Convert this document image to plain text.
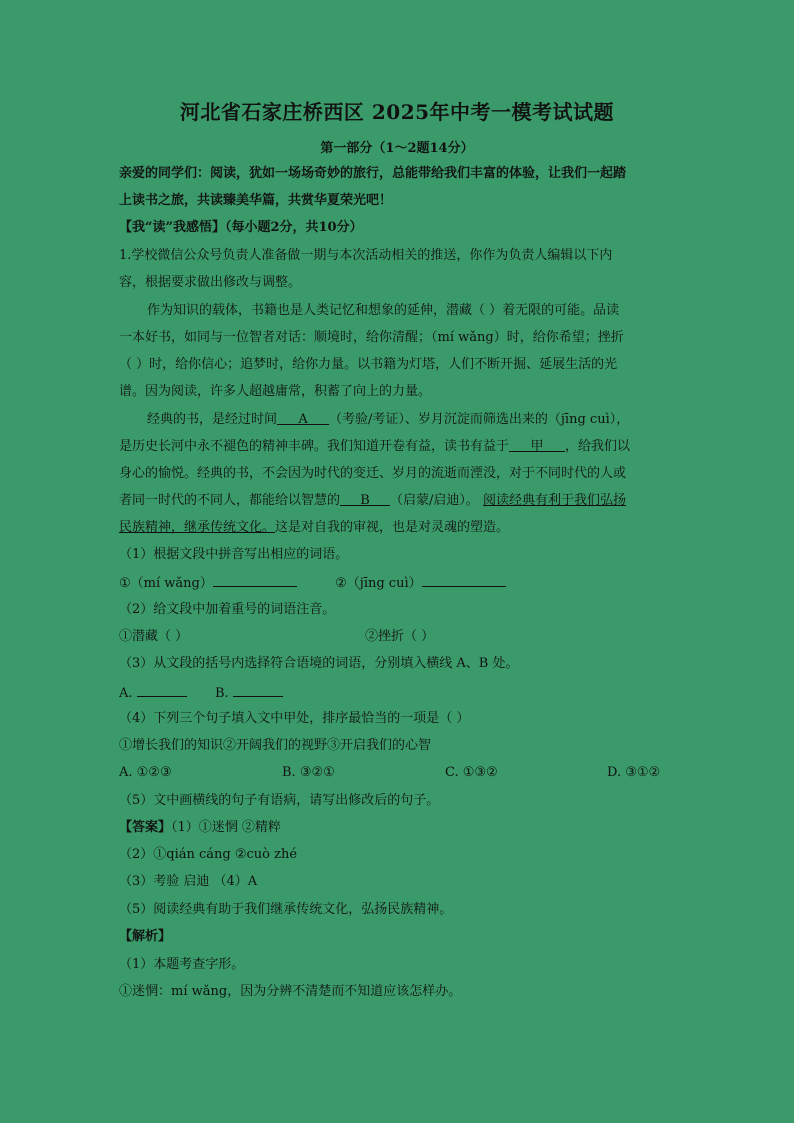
河北省石家庄桥西区 2025年中考一模考试试题
第一部分（1～2题14分）
亲爱的同学们：阅读，犹如一场场奇妙的旅行，总能带给我们丰富的体验，让我们一起踏
上读书之旅，共读臻美华篇，共赏华夏荣光吧！
【我“读”我感悟】（每小题2分，共10分）
1.学校微信公众号负责人准备做一期与本次活动相关的推送，你作为负责人编辑以下内
容，根据要求做出修改与调整。
作为知识的载体，书籍也是人类记忆和想象的延伸，潜藏（ ）着无限的可能。品读
一本好书，如同与一位智者对话：顺境时，给你清醒；（mí wǎng）时，给你希望；挫折
（ ）时，给你信心；追梦时，给你力量。以书籍为灯塔，人们不断开掘、延展生活的光
谱。因为阅读，许多人超越庸常，积蓄了向上的力量。
经典的书，是经过时间 A （考验/考证）、岁月沉淀而筛选出来的（jīng cuì），
是历史长河中永不褪色的精神丰碑。我们知道开卷有益，读书有益于 甲 ，给我们以
身心的愉悦。经典的书，不会因为时代的变迁、岁月的流逝而湮没，对于不同时代的人或
者同一时代的不同人，都能给以智慧的 B （启蒙/启迪）。 阅读经典有利于我们弘扬
民族精神，继承传统文化。这是对自我的审视，也是对灵魂的塑造。
（1）根据文段中拼音写出相应的词语。
①（mí wǎng）	②（jīng cuì）
（2）给文段中加着重号的词语注音。
①潜藏（ ）	②挫折（ ）
（3）从文段的括号内选择符合语境的词语，分别填入横线 A、B 处。
A.	B.
（4）下列三个句子填入文中甲处，排序最恰当的一项是（ ）
①增长我们的知识②开阔我们的视野③开启我们的心智
A. ①②③	B. ③②①	C. ①③②	D. ③①②
（5）文中画横线的句子有语病，请写出修改后的句子。
【答案】（1）①迷惘 ②精粹
（2）①qián cáng ②cuò zhé
（3）考验 启迪 （4）A
（5）阅读经典有助于我们继承传统文化，弘扬民族精神。
【解析】
（1）本题考查字形。
①迷惘：mí wǎng，因为分辨不清楚而不知道应该怎样办。
